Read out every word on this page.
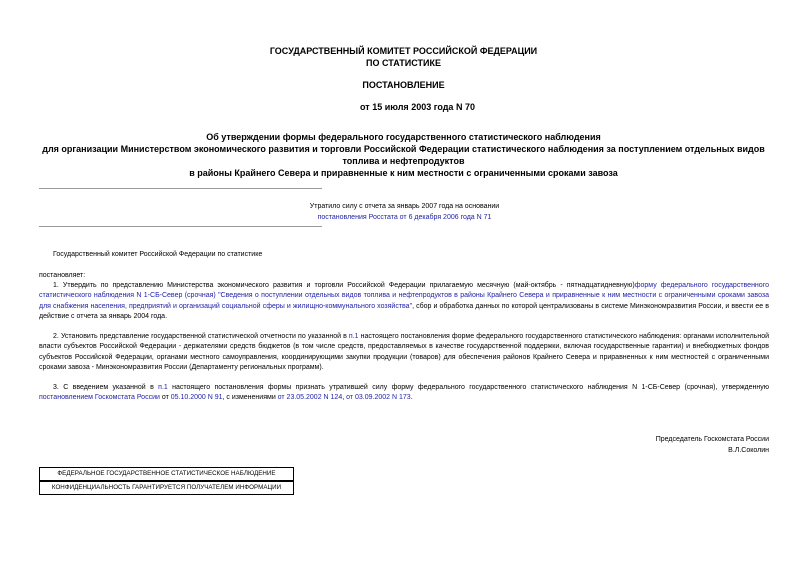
ГОСУДАРСТВЕННЫЙ КОМИТЕТ РОССИЙСКОЙ ФЕДЕРАЦИИ
ПО СТАТИСТИКЕ
ПОСТАНОВЛЕНИЕ
от 15 июля 2003 года N 70
Об утверждении формы федерального государственного статистического наблюдения
для организации Министерством экономического развития и торговли Российской Федерации статистического наблюдения за поступлением отдельных видов
топлива и нефтепродуктов
в районы Крайнего Севера и приравненные к ним местности с ограниченными сроками завоза
Утратило силу с отчета за январь 2007 года на основании
постановления Росстата от 6 декабря 2006 года N 71
Государственный комитет Российской Федерации по статистике
постановляет:
1. Утвердить по представлению Министерства экономического развития и торговли Российской Федерации прилагаемую месячную (май-октябрь - пятнадцатидневную)форму федерального государственного статистического наблюдения N 1-СБ-Север (срочная) "Сведения о поступлении отдельных видов топлива и нефтепродуктов в районы Крайнего Севера и приравненные к ним местности с ограниченными сроками завоза для снабжения населения, предприятий и организаций социальной сферы и жилищно-коммунального хозяйства", сбор и обработка данных по которой централизованы в системе Минэкономразвития России, и ввести ее в действие с отчета за январь 2004 года.
2. Установить представление государственной статистической отчетности по указанной в п.1 настоящего постановления форме федерального государственного статистического наблюдения: органами исполнительной власти субъектов Российской Федерации - держателями средств бюджетов (в том числе средств, предоставляемых в качестве государственной поддержки, включая государственные гарантии) и внебюджетных фондов субъектов Российской Федерации, органами местного самоуправления, координирующими закупки продукции (товаров) для обеспечения районов Крайнего Севера и приравненных к ним местностей с ограниченными сроками завоза - Минэкономразвития России (Департаменту региональных программ).
3. С введением указанной в п.1 настоящего постановления формы признать утратившей силу форму федерального государственного статистического наблюдения N 1-СБ-Север (срочная), утвержденную постановлением Госкомстата России от 05.10.2000 N 91, с изменениями от 23.05.2002 N 124, от 03.09.2002 N 173.
Председатель Госкомстата России
В.Л.Соколин
ФЕДЕРАЛЬНОЕ ГОСУДАРСТВЕННОЕ СТАТИСТИЧЕСКОЕ НАБЛЮДЕНИЕ
КОНФИДЕНЦИАЛЬНОСТЬ ГАРАНТИРУЕТСЯ ПОЛУЧАТЕЛЕМ ИНФОРМАЦИИ
